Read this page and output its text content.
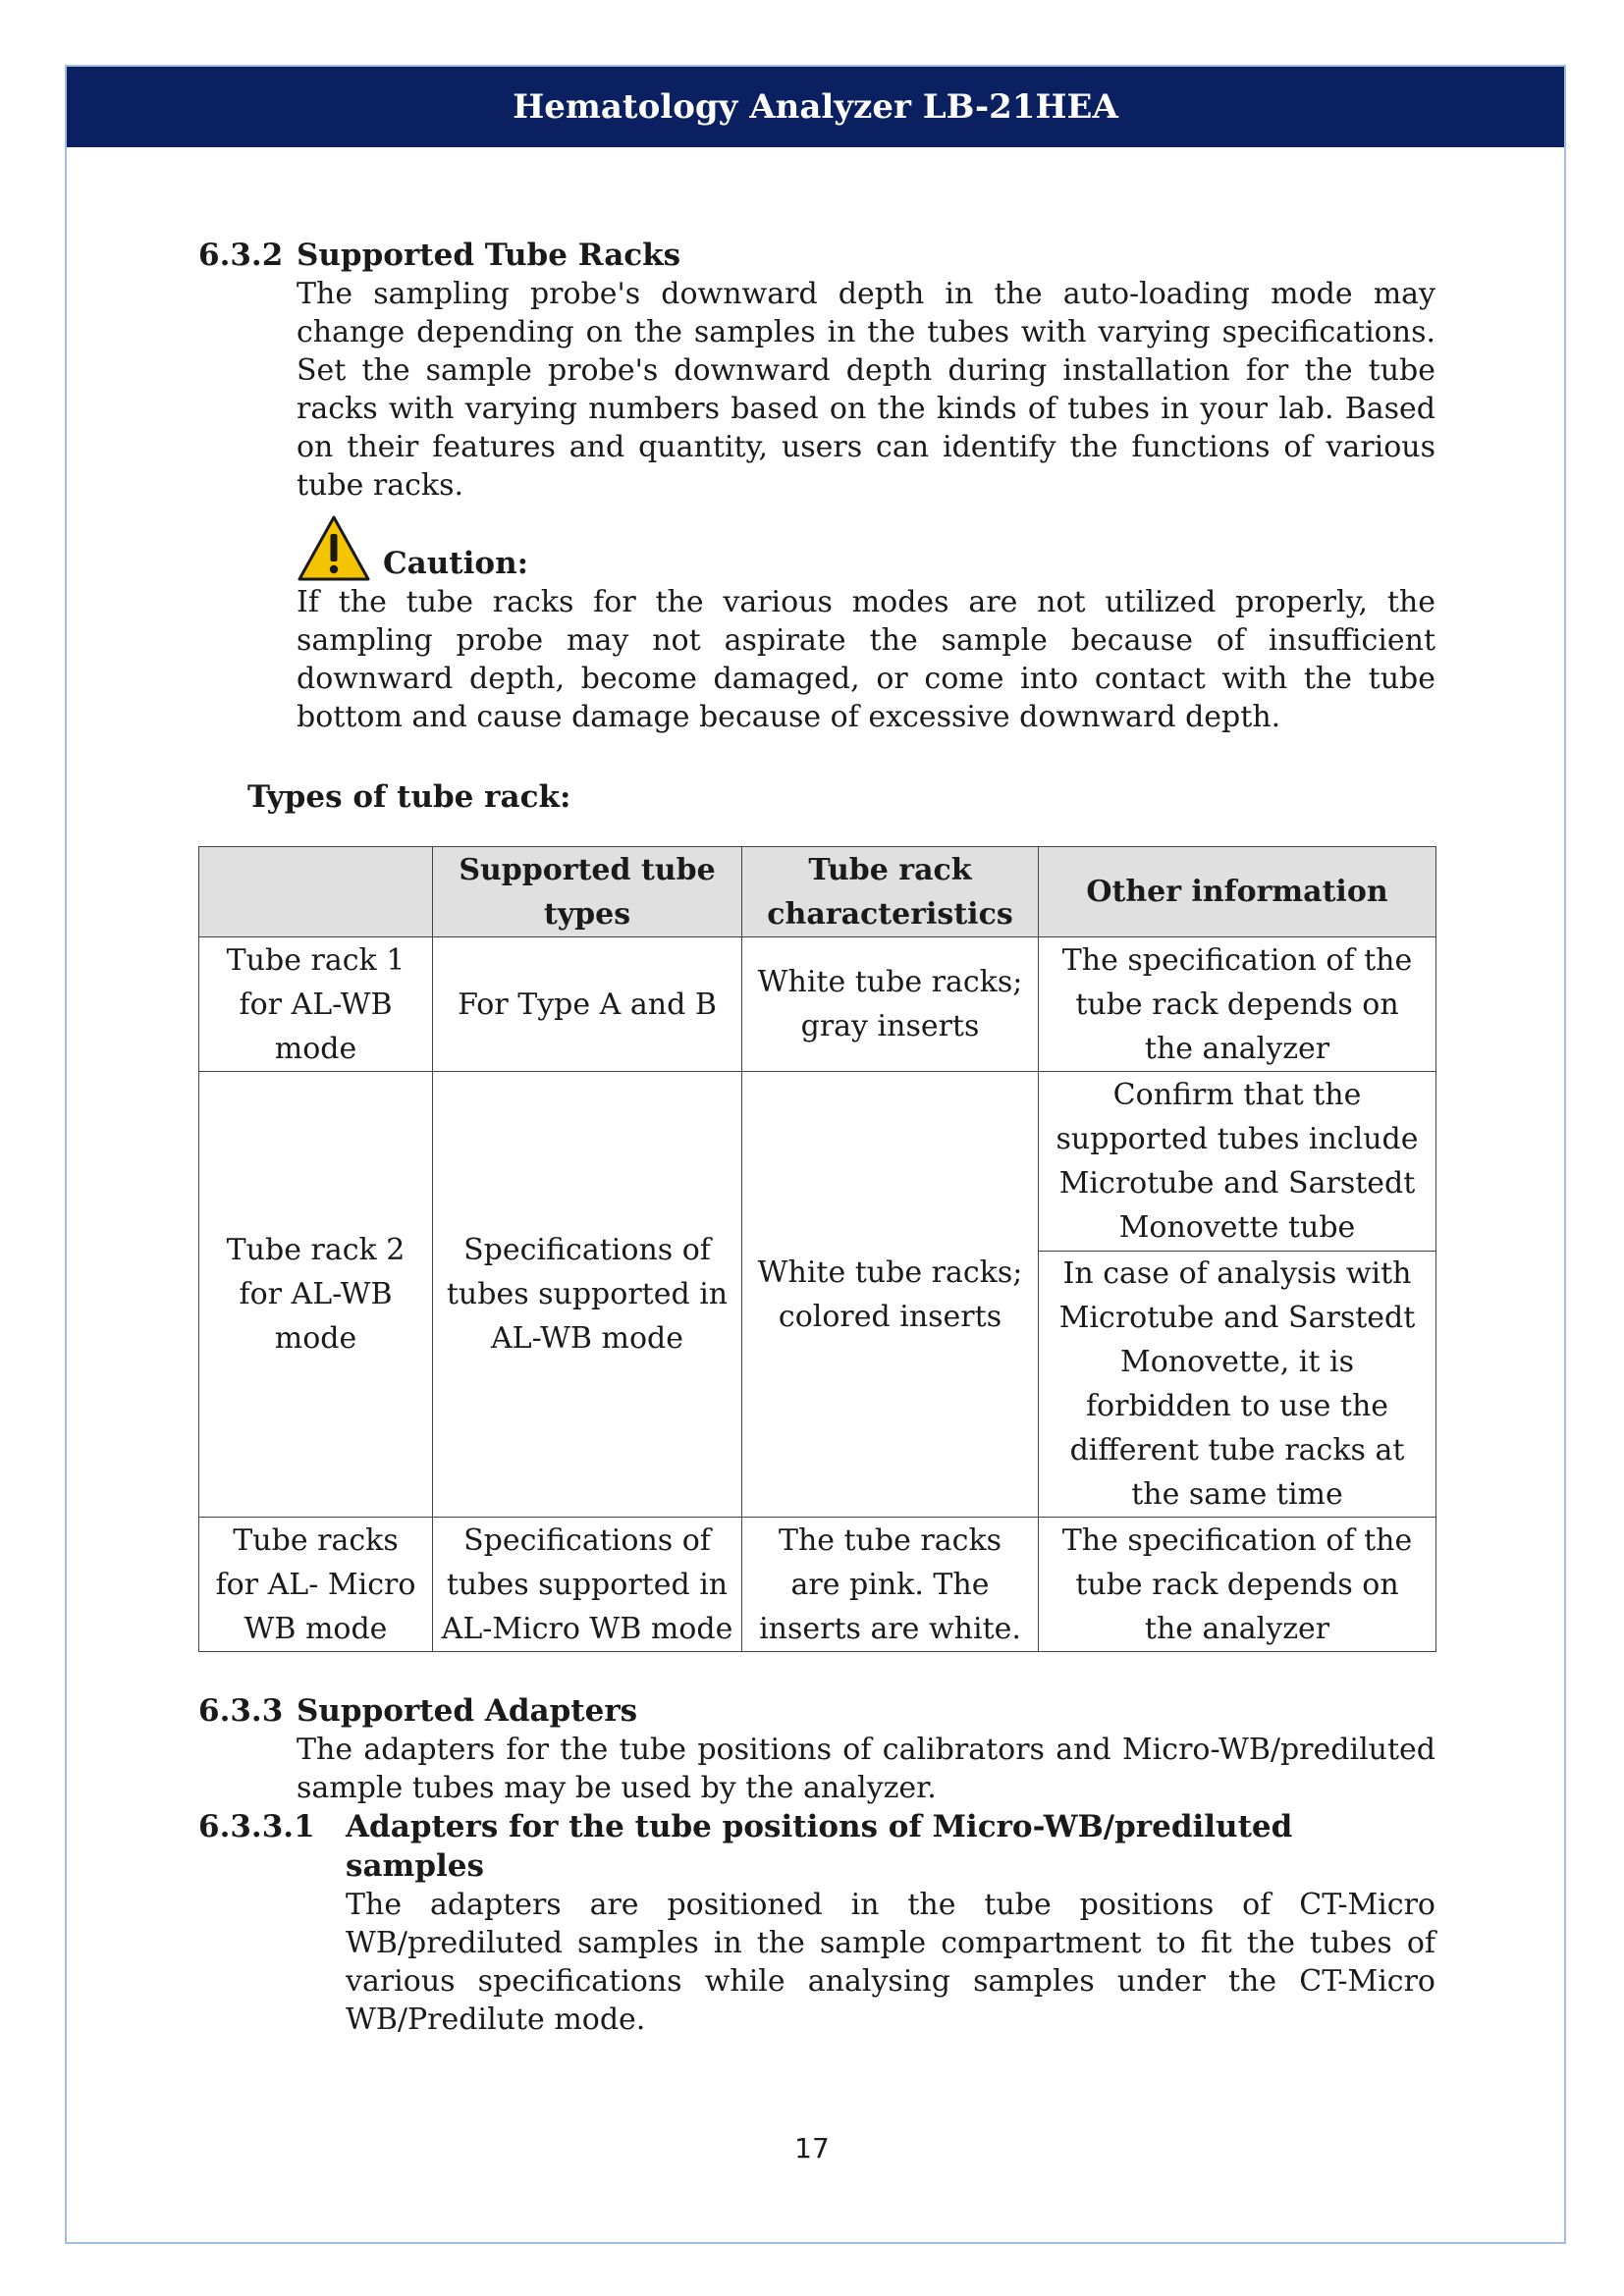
Hematology Analyzer LB-21HEA
6.3.2 Supported Tube Racks
The sampling probe's downward depth in the auto-loading mode may change depending on the samples in the tubes with varying specifications. Set the sample probe's downward depth during installation for the tube racks with varying numbers based on the kinds of tubes in your lab. Based on their features and quantity, users can identify the functions of various tube racks.
Caution:
If the tube racks for the various modes are not utilized properly, the sampling probe may not aspirate the sample because of insufficient downward depth, become damaged, or come into contact with the tube bottom and cause damage because of excessive downward depth.
Types of tube rack:
	Supported tube types	Tube rack characteristics	Other information
Tube rack 1 for AL-WB mode	For Type A and B	White tube racks; gray inserts	The specification of the tube rack depends on the analyzer
Tube rack 2 for AL-WB mode	Specifications of tubes supported in AL-WB mode	White tube racks; colored inserts	Confirm that the supported tubes include Microtube and Sarstedt Monovette tube
			In case of analysis with Microtube and Sarstedt Monovette, it is forbidden to use the different tube racks at the same time
Tube racks for AL- Micro WB mode	Specifications of tubes supported in AL-Micro WB mode	The tube racks are pink. The inserts are white.	The specification of the tube rack depends on the analyzer
6.3.3 Supported Adapters
The adapters for the tube positions of calibrators and Micro-WB/prediluted sample tubes may be used by the analyzer.
6.3.3.1	Adapters for the tube positions of Micro-WB/prediluted samples
The adapters are positioned in the tube positions of CT-Micro WB/prediluted samples in the sample compartment to fit the tubes of various specifications while analysing samples under the CT-Micro WB/Predilute mode.
17
